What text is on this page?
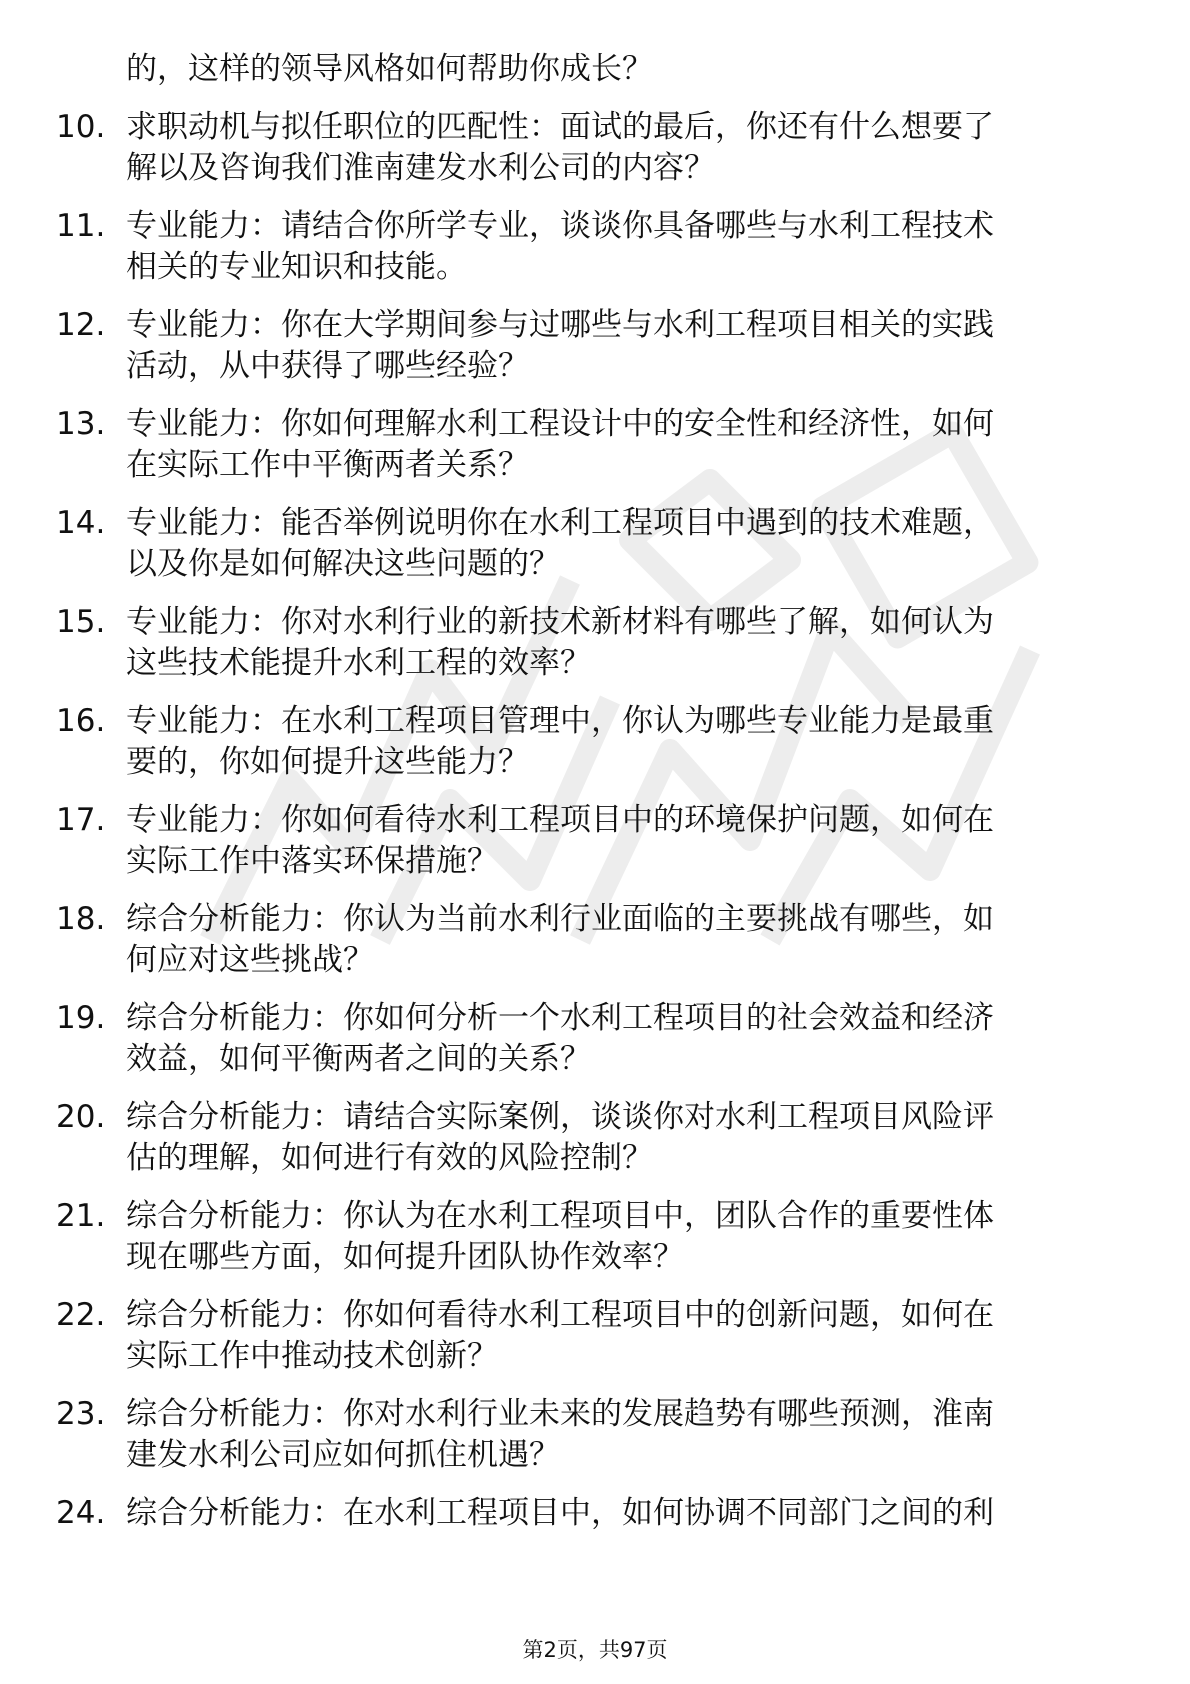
的，这样的领导风格如何帮助你成长？
10. 求职动机与拟任职位的匹配性：面试的最后，你还有什么想要了
解以及咨询我们淮南建发水利公司的内容？
11. 专业能力：请结合你所学专业，谈谈你具备哪些与水利工程技术
相关的专业知识和技能。
12. 专业能力：你在大学期间参与过哪些与水利工程项目相关的实践
活动，从中获得了哪些经验？
13. 专业能力：你如何理解水利工程设计中的安全性和经济性，如何
在实际工作中平衡两者关系？
14. 专业能力：能否举例说明你在水利工程项目中遇到的技术难题，
以及你是如何解决这些问题的？
15. 专业能力：你对水利行业的新技术新材料有哪些了解，如何认为
这些技术能提升水利工程的效率？
16. 专业能力：在水利工程项目管理中，你认为哪些专业能力是最重
要的，你如何提升这些能力？
17. 专业能力：你如何看待水利工程项目中的环境保护问题，如何在
实际工作中落实环保措施？
18. 综合分析能力：你认为当前水利行业面临的主要挑战有哪些，如
何应对这些挑战？
19. 综合分析能力：你如何分析一个水利工程项目的社会效益和经济
效益，如何平衡两者之间的关系？
20. 综合分析能力：请结合实际案例，谈谈你对水利工程项目风险评
估的理解，如何进行有效的风险控制？
21. 综合分析能力：你认为在水利工程项目中，团队合作的重要性体
现在哪些方面，如何提升团队协作效率？
22. 综合分析能力：你如何看待水利工程项目中的创新问题，如何在
实际工作中推动技术创新？
23. 综合分析能力：你对水利行业未来的发展趋势有哪些预测，淮南
建发水利公司应如何抓住机遇？
24. 综合分析能力：在水利工程项目中，如何协调不同部门之间的利
第2页，共97页
